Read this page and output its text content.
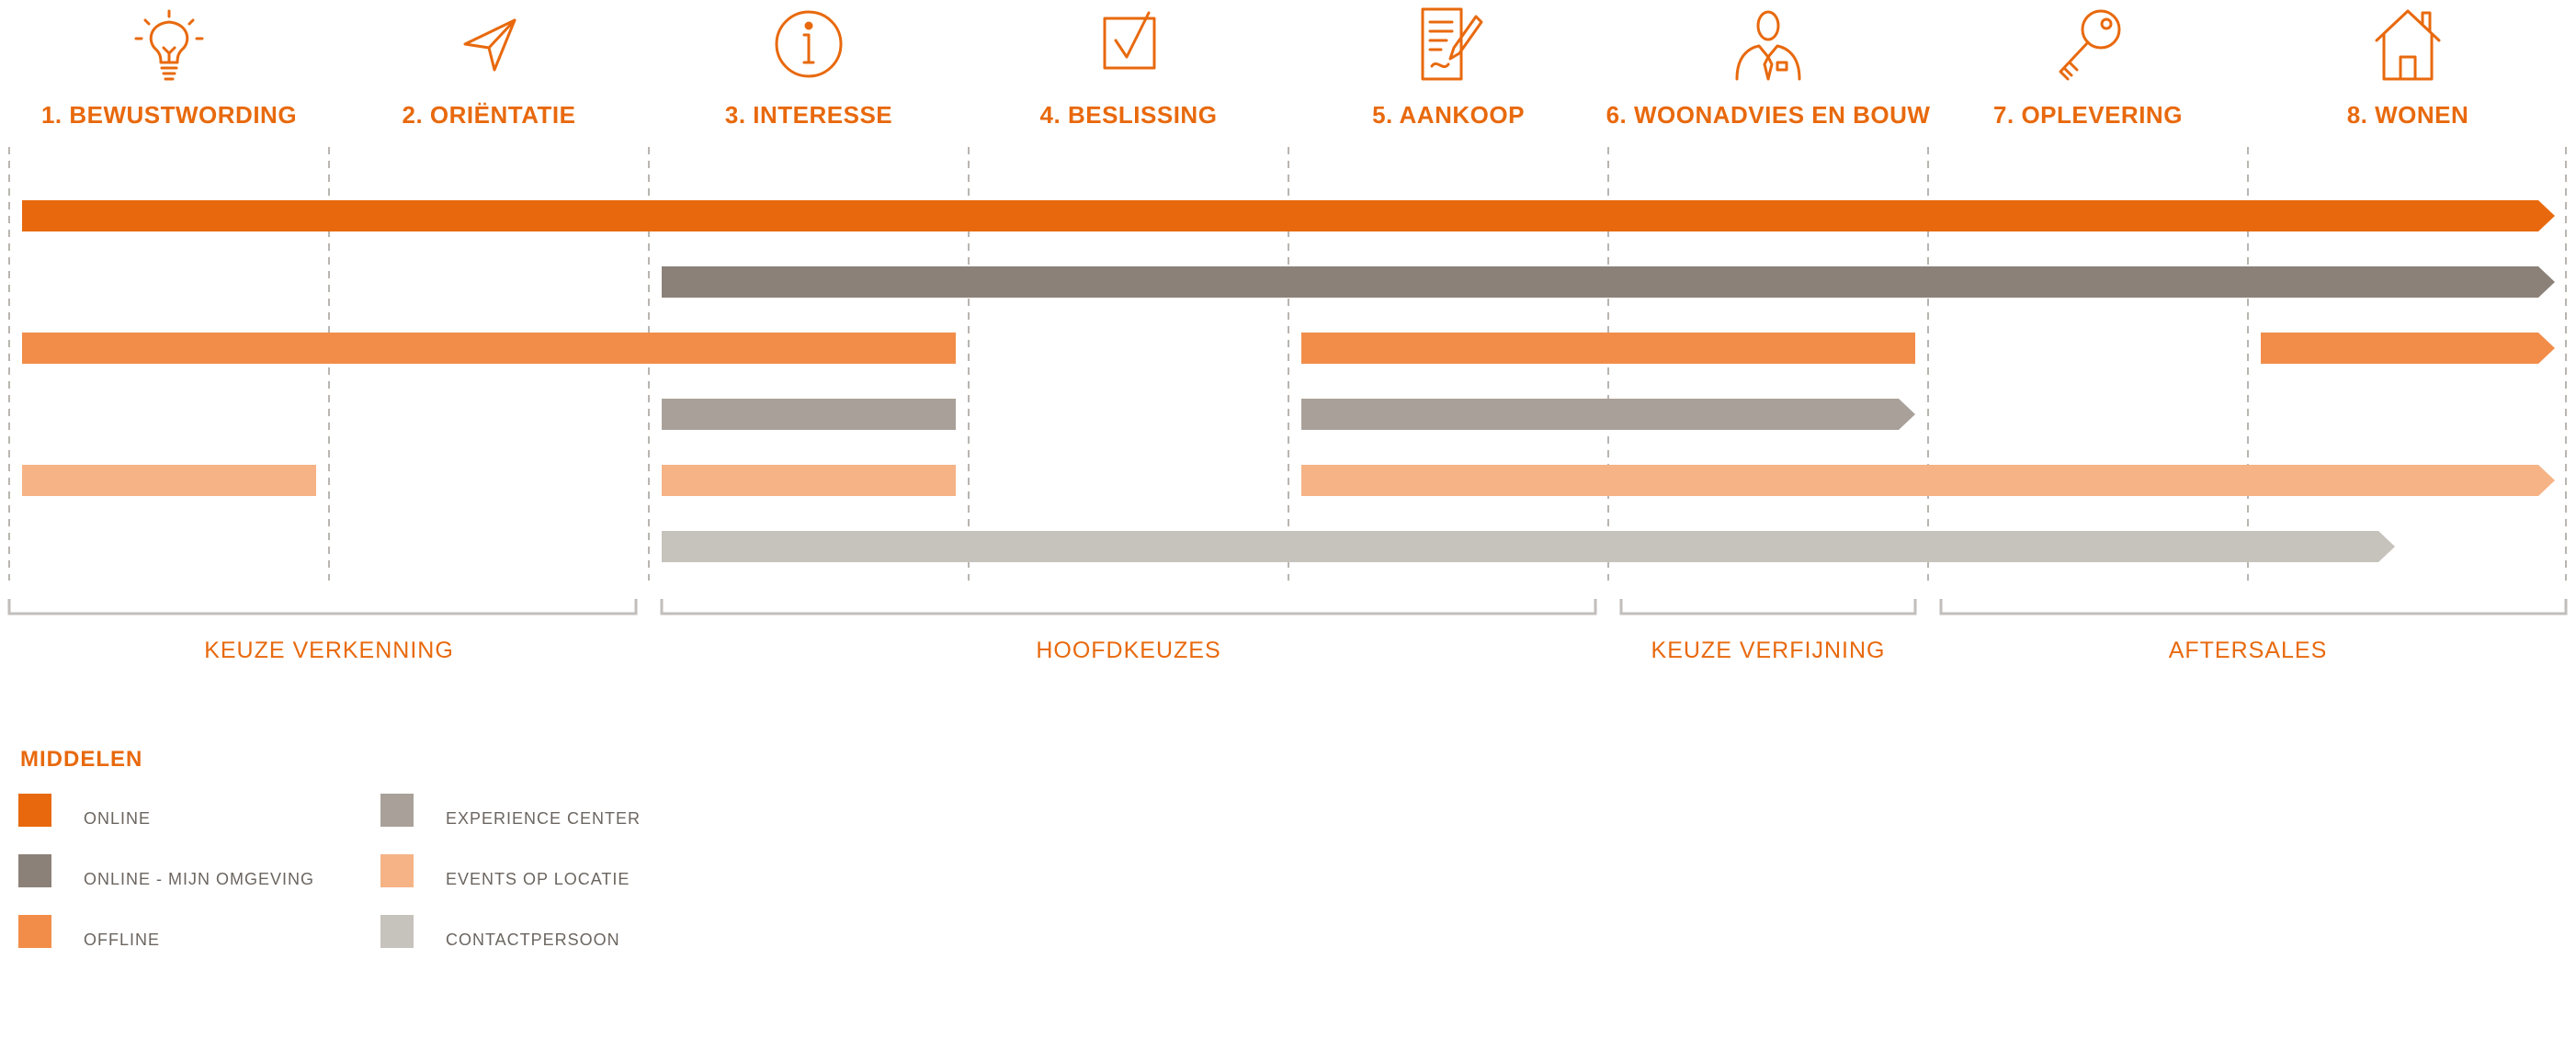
1. BEWUSTWORDING	2. ORIËNTATIE	3. INTERESSE	4. BESLISSING	5. AANKOOP	6. WOONADVIES EN BOUW	7. OPLEVERING	8. WONEN
KEUZE VERKENNING	HOOFDKEUZES	KEUZE VERFIJNING	AFTERSALES
MIDDELEN
ONLINE
ONLINE - MIJN OMGEVING
OFFLINE
EXPERIENCE CENTER
EVENTS OP LOCATIE
CONTACTPERSOON
